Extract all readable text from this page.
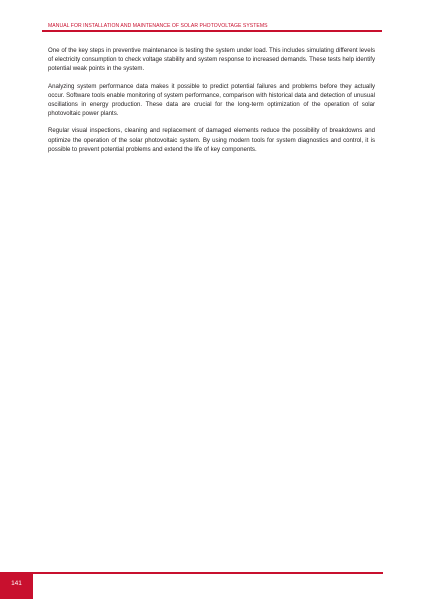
MANUAL FOR INSTALLATION AND MAINTENANCE OF SOLAR PHOTOVOLTAGE SYSTEMS

One of the key steps in preventive maintenance is testing the system under load. This includes simulating different levels of electricity consumption to check voltage stability and system response to increased demands. These tests help identify potential weak points in the system.

Analyzing system performance data makes it possible to predict potential failures and problems before they actually occur. Software tools enable monitoring of system performance, comparison with historical data and detection of unusual oscillations in energy production. These data are crucial for the long-term optimization of the operation of solar photovoltaic power plants.

Regular visual inspections, cleaning and replacement of damaged elements reduce the possibility of breakdowns and optimize the operation of the solar photovoltaic system. By using modern tools for system diagnostics and control, it is possible to prevent potential problems and extend the life of key components.

141
